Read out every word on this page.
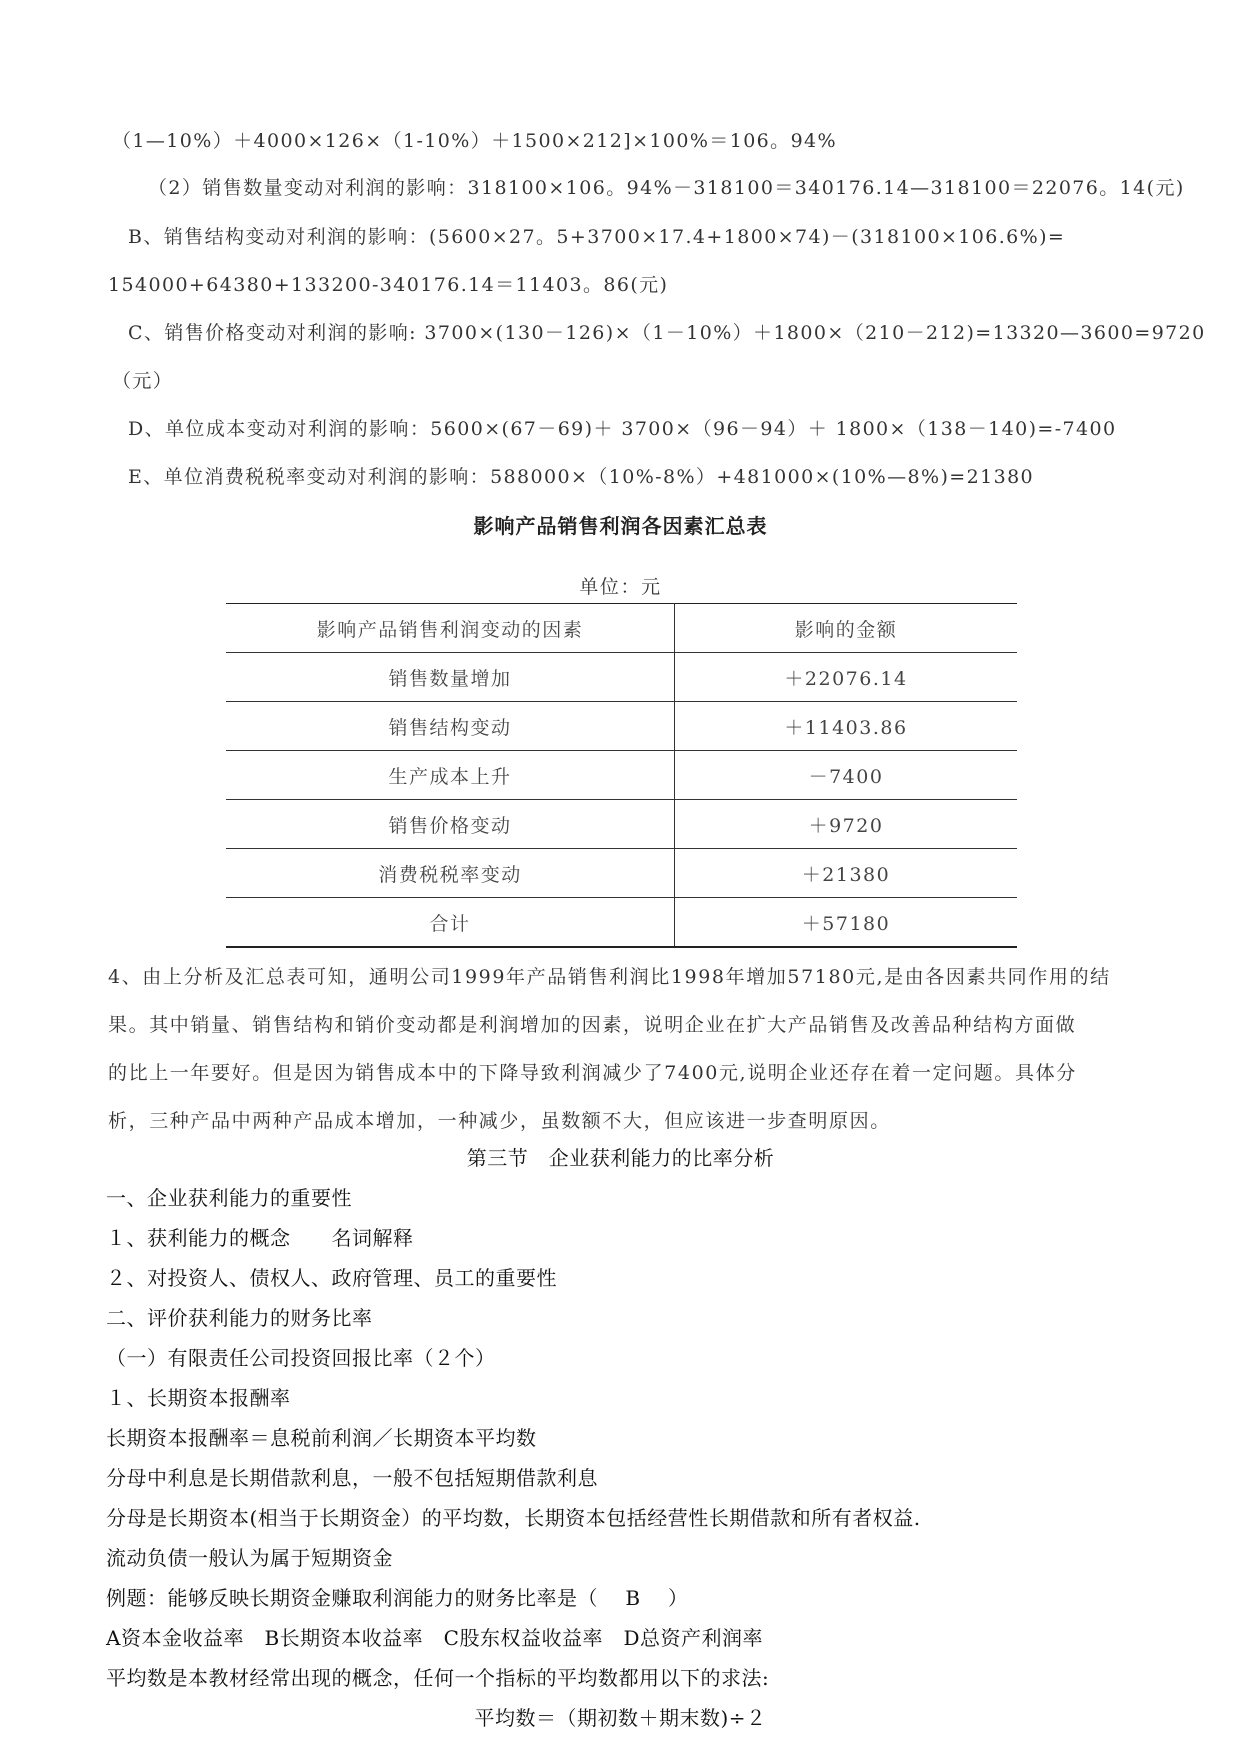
（1—10%）＋4000×126×（1-10%）＋1500×212]×100%＝106。94%
（2）销售数量变动对利润的影响：318100×106。94%－318100＝340176.14—318100＝22076。14(元)
B、销售结构变动对利润的影响：(5600×27。5+3700×17.4+1800×74)－(318100×106.6%)=
154000+64380+133200-340176.14＝11403。86(元)
C、销售价格变动对利润的影响: 3700×(130－126)×（1－10%）＋1800×（210－212)=13320—3600=9720
（元）
D、单位成本变动对利润的影响：5600×(67－69)＋ 3700×（96－94）＋ 1800×（138－140)=-7400
E、单位消费税税率变动对利润的影响：588000×（10%-8%）+481000×(10%—8%)=21380
影响产品销售利润各因素汇总表
单位：元
影响产品销售利润变动的因素	影响的金额
销售数量增加	＋22076.14
销售结构变动	＋11403.86
生产成本上升	－7400
销售价格变动	＋9720
消费税税率变动	＋21380
合计	＋57180
4、由上分析及汇总表可知，通明公司1999年产品销售利润比1998年增加57180元,是由各因素共同作用的结
果。其中销量、销售结构和销价变动都是利润增加的因素，说明企业在扩大产品销售及改善品种结构方面做
的比上一年要好。但是因为销售成本中的下降导致利润减少了7400元,说明企业还存在着一定问题。具体分
析，三种产品中两种产品成本增加，一种减少，虽数额不大，但应该进一步查明原因。
第三节　企业获利能力的比率分析
一、企业获利能力的重要性
１、获利能力的概念　　名词解释
２、对投资人、债权人、政府管理、员工的重要性
二、评价获利能力的财务比率
（一）有限责任公司投资回报比率（２个）
１、长期资本报酬率
长期资本报酬率＝息税前利润／长期资本平均数
分母中利息是长期借款利息，一般不包括短期借款利息
分母是长期资本(相当于长期资金）的平均数，长期资本包括经营性长期借款和所有者权益.
流动负债一般认为属于短期资金
例题：能够反映长期资金赚取利润能力的财务比率是（　 B　 ）
A资本金收益率　B长期资本收益率　C股东权益收益率　D总资产利润率
平均数是本教材经常出现的概念，任何一个指标的平均数都用以下的求法:
平均数＝（期初数＋期末数)÷２
